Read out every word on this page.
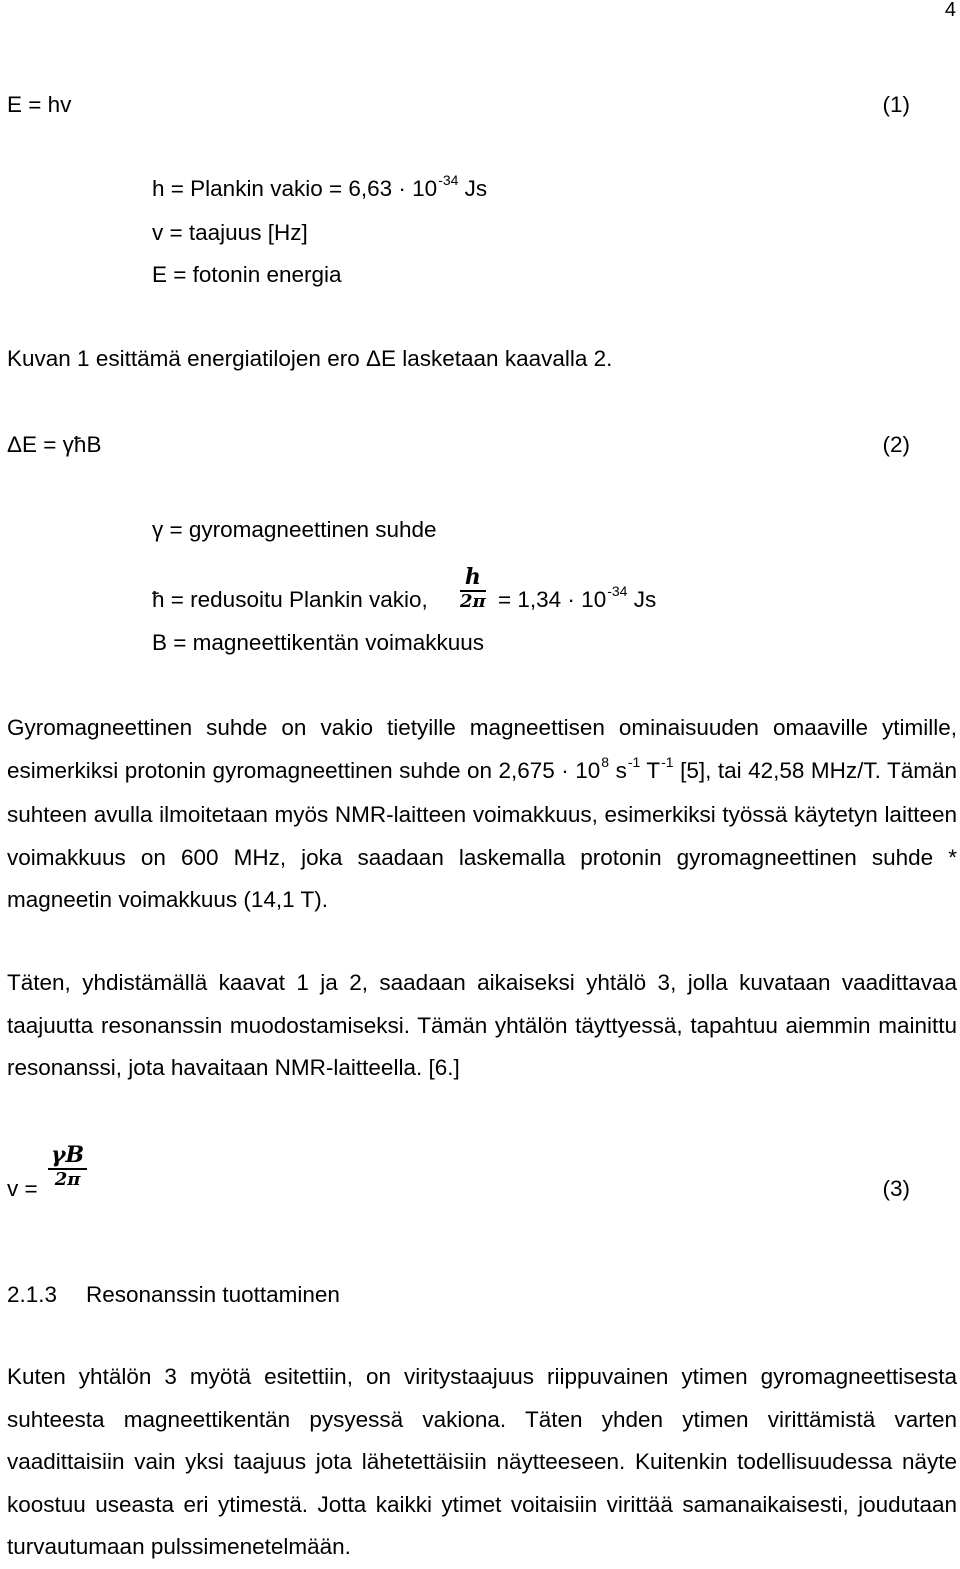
4
E = hv	(1)
h = Plankin vakio = $6,63 \cdot 10^{-34}$ Js
v = taajuus [Hz]
E = fotonin energia
Kuvan 1 esittämä energiatilojen ero ΔE lasketaan kaavalla 2.
ΔE = γħB	(2)
γ = gyromagneettinen suhde
ħ = redusoitu Plankin vakio, $\frac{h}{2\pi} = 1,34 \cdot 10^{-34}$ Js
B = magneettikentän voimakkuus
Gyromagneettinen suhde on vakio tietyille magneettisen ominaisuuden omaaville ytimille, esimerkiksi protonin gyromagneettinen suhde on $2,675 \cdot 10^8$ $s^{-1}$ $T^{-1}$ [5], tai 42,58 MHz/T. Tämän suhteen avulla ilmoitetaan myös NMR-laitteen voimakkuus, esimerkiksi työssä käytetyn laitteen voimakkuus on 600 MHz, joka saadaan laskemalla protonin gyromagneettinen suhde * magneetin voimakkuus (14,1 T).
Täten, yhdistämällä kaavat 1 ja 2, saadaan aikaiseksi yhtälö 3, jolla kuvataan vaadittavaa taajuutta resonanssin muodostamiseksi. Tämän yhtälön täyttyessä, tapahtuu aiemmin mainittu resonanssi, jota havaitaan NMR-laitteella. [6.]
$v = \frac{\gamma B}{2\pi}$	(3)
2.1.3 Resonanssin tuottaminen
Kuten yhtälön 3 myötä esitettiin, on viritystaajuus riippuvainen ytimen gyromagneettisesta suhteesta magneettikentän pysyessä vakiona. Täten yhden ytimen virittämistä varten vaadittaisiin vain yksi taajuus jota lähetettäisiin näytteeseen. Kuitenkin todellisuudessa näyte koostuu useasta eri ytimestä. Jotta kaikki ytimet voitaisiin virittää samanaikaisesti, joudutaan turvautumaan pulssimenetelmään.
